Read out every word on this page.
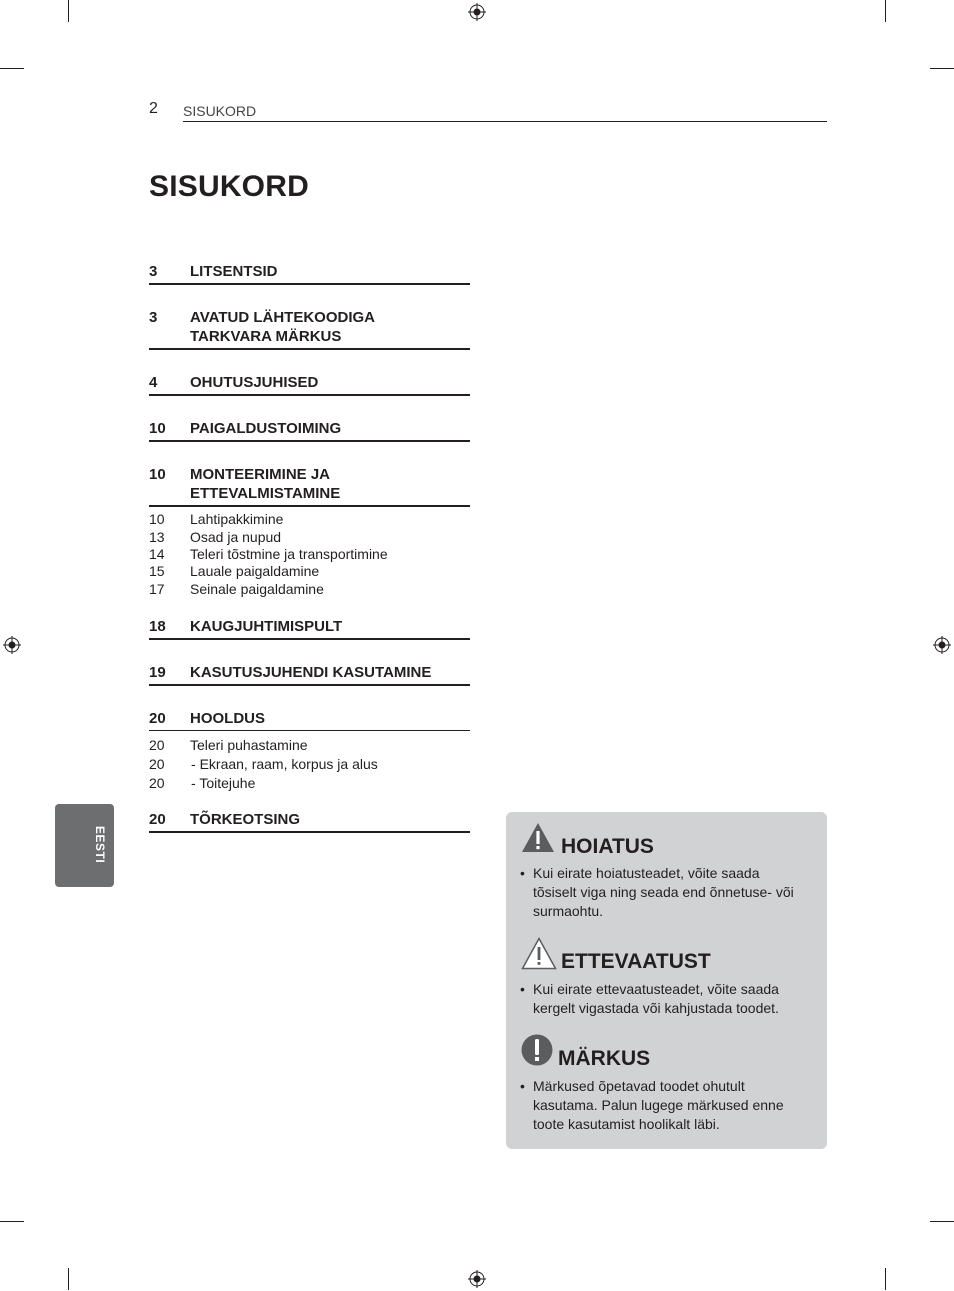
2 SISUKORD
SISUKORD
3 LITSENTSID
3 AVATUD LÄHTEKOODIGA
TARKVARA MÄRKUS
4 OHUTUSJUHISED
10 PAIGALDUSTOIMING
10 MONTEERIMINE JA
ETTEVALMISTAMINE
10 Lahtipakkimine
13 Osad ja nupud
14 Teleri tõstmine ja transportimine
15 Lauale paigaldamine
17 Seinale paigaldamine
18 KAUGJUHTIMISPULT
19 KASUTUSJUHENDI KASUTAMINE
20 HOOLDUS
20 Teleri puhastamine
20	- Ekraan, raam, korpus ja alus
20	- Toitejuhe
20 TÕRKEOTSING
EESTI	HOIATUS
• Kui eirate hoiatusteadet, võite saada
tõsiselt viga ning seada end õnnetuse- või
surmaohtu.
ETTEVAATUST
• Kui eirate ettevaatusteadet, võite saada
kergelt vigastada või kahjustada toodet.
MÄRKUS
• Märkused õpetavad toodet ohutult
kasutama. Palun lugege märkused enne
toote kasutamist hoolikalt läbi.
